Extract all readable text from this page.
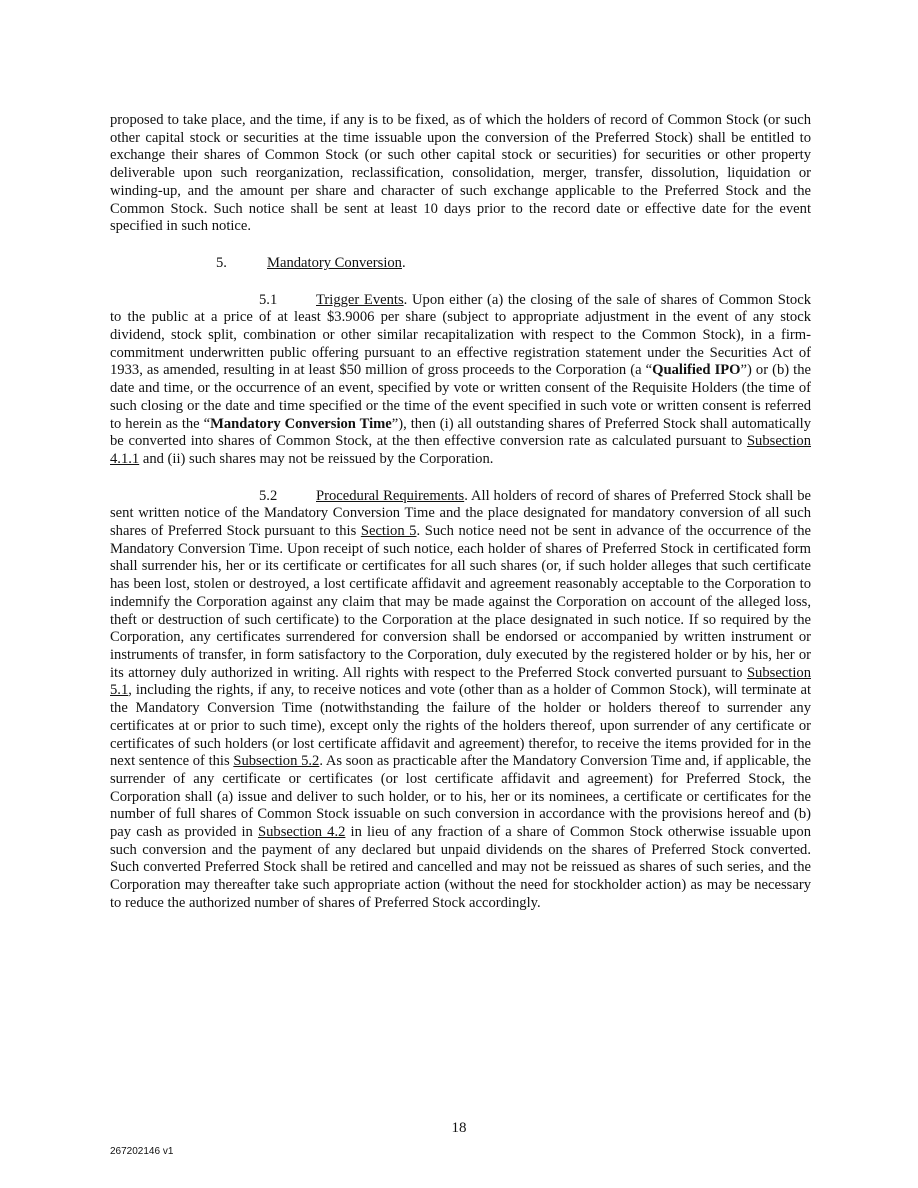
proposed to take place, and the time, if any is to be fixed, as of which the holders of record of Common Stock (or such other capital stock or securities at the time issuable upon the conversion of the Preferred Stock) shall be entitled to exchange their shares of Common Stock (or such other capital stock or securities) for securities or other property deliverable upon such reorganization, reclassification, consolidation, merger, transfer, dissolution, liquidation or winding-up, and the amount per share and character of such exchange applicable to the Preferred Stock and the Common Stock. Such notice shall be sent at least 10 days prior to the record date or effective date for the event specified in such notice.

5.	Mandatory Conversion.

5.1	Trigger Events. Upon either (a) the closing of the sale of shares of Common Stock to the public at a price of at least $3.9006 per share (subject to appropriate adjustment in the event of any stock dividend, stock split, combination or other similar recapitalization with respect to the Common Stock), in a firm-commitment underwritten public offering pursuant to an effective registration statement under the Securities Act of 1933, as amended, resulting in at least $50 million of gross proceeds to the Corporation (a “Qualified IPO”) or (b) the date and time, or the occurrence of an event, specified by vote or written consent of the Requisite Holders (the time of such closing or the date and time specified or the time of the event specified in such vote or written consent is referred to herein as the “Mandatory Conversion Time”), then (i) all outstanding shares of Preferred Stock shall automatically be converted into shares of Common Stock, at the then effective conversion rate as calculated pursuant to Subsection 4.1.1 and (ii) such shares may not be reissued by the Corporation.

5.2	Procedural Requirements. All holders of record of shares of Preferred Stock shall be sent written notice of the Mandatory Conversion Time and the place designated for mandatory conversion of all such shares of Preferred Stock pursuant to this Section 5. Such notice need not be sent in advance of the occurrence of the Mandatory Conversion Time. Upon receipt of such notice, each holder of shares of Preferred Stock in certificated form shall surrender his, her or its certificate or certificates for all such shares (or, if such holder alleges that such certificate has been lost, stolen or destroyed, a lost certificate affidavit and agreement reasonably acceptable to the Corporation to indemnify the Corporation against any claim that may be made against the Corporation on account of the alleged loss, theft or destruction of such certificate) to the Corporation at the place designated in such notice. If so required by the Corporation, any certificates surrendered for conversion shall be endorsed or accompanied by written instrument or instruments of transfer, in form satisfactory to the Corporation, duly executed by the registered holder or by his, her or its attorney duly authorized in writing. All rights with respect to the Preferred Stock converted pursuant to Subsection 5.1, including the rights, if any, to receive notices and vote (other than as a holder of Common Stock), will terminate at the Mandatory Conversion Time (notwithstanding the failure of the holder or holders thereof to surrender any certificates at or prior to such time), except only the rights of the holders thereof, upon surrender of any certificate or certificates of such holders (or lost certificate affidavit and agreement) therefor, to receive the items provided for in the next sentence of this Subsection 5.2. As soon as practicable after the Mandatory Conversion Time and, if applicable, the surrender of any certificate or certificates (or lost certificate affidavit and agreement) for Preferred Stock, the Corporation shall (a) issue and deliver to such holder, or to his, her or its nominees, a certificate or certificates for the number of full shares of Common Stock issuable on such conversion in accordance with the provisions hereof and (b) pay cash as provided in Subsection 4.2 in lieu of any fraction of a share of Common Stock otherwise issuable upon such conversion and the payment of any declared but unpaid dividends on the shares of Preferred Stock converted. Such converted Preferred Stock shall be retired and cancelled and may not be reissued as shares of such series, and the Corporation may thereafter take such appropriate action (without the need for stockholder action) as may be necessary to reduce the authorized number of shares of Preferred Stock accordingly.

18
267202146 v1
